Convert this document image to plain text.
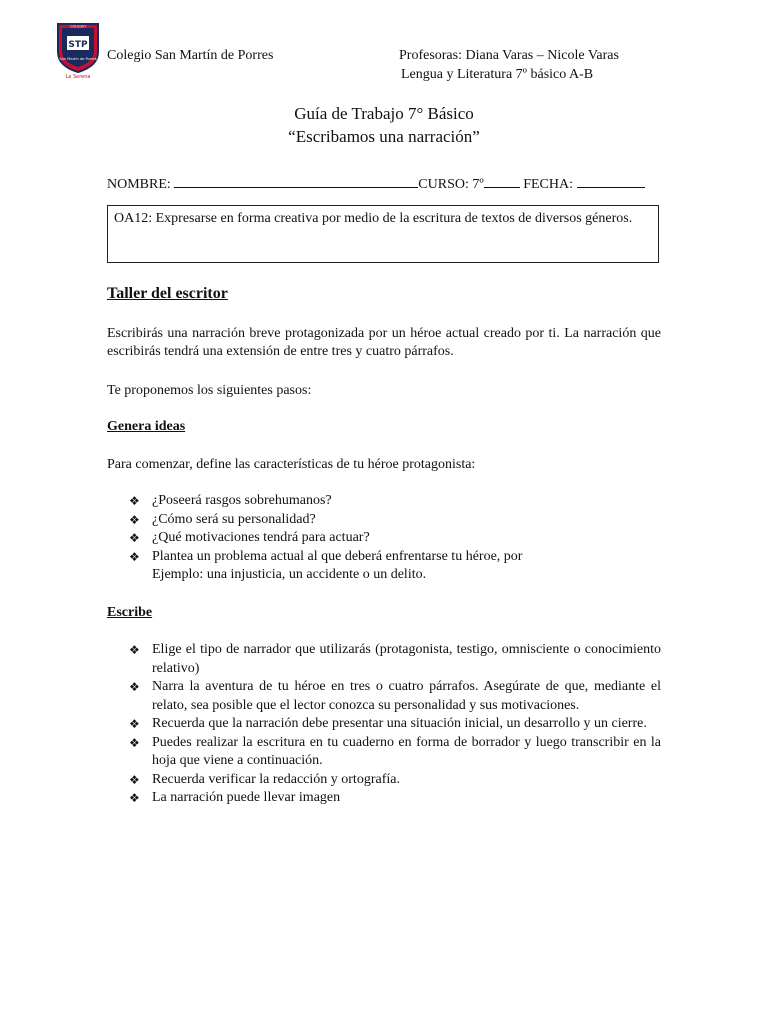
COLEGIO
STP
San Martín de Porres
La Serena
Colegio San Martín de Porres	Profesoras: Diana Varas – Nicole Varas
Lengua y Literatura 7º básico A-B
Guía de Trabajo 7° Básico
“Escribamos una narración”
NOMBRE:	CURSO: 7º	FECHA:
OA12: Expresarse en forma creativa por medio de la escritura de textos de diversos géneros.
Taller del escritor
Escribirás una narración breve protagonizada por un héroe actual creado por ti. La narración que escribirás tendrá una extensión de entre tres y cuatro párrafos.
Te proponemos los siguientes pasos:
Genera ideas
Para comenzar, define las características de tu héroe protagonista:
❖ ¿Poseerá rasgos sobrehumanos?
❖ ¿Cómo será su personalidad?
❖ ¿Qué motivaciones tendrá para actuar?
❖ Plantea un problema actual al que deberá enfrentarse tu héroe, por Ejemplo: una injusticia, un accidente o un delito.
Escribe
❖ Elige el tipo de narrador que utilizarás (protagonista, testigo, omnisciente o conocimiento relativo)
❖ Narra la aventura de tu héroe en tres o cuatro párrafos. Asegúrate de que, mediante el relato, sea posible que el lector conozca su personalidad y sus motivaciones.
❖ Recuerda que la narración debe presentar una situación inicial, un desarrollo y un cierre.
❖ Puedes realizar la escritura en tu cuaderno en forma de borrador y luego transcribir en la hoja que viene a continuación.
❖ Recuerda verificar la redacción y ortografía.
❖ La narración puede llevar imagen
